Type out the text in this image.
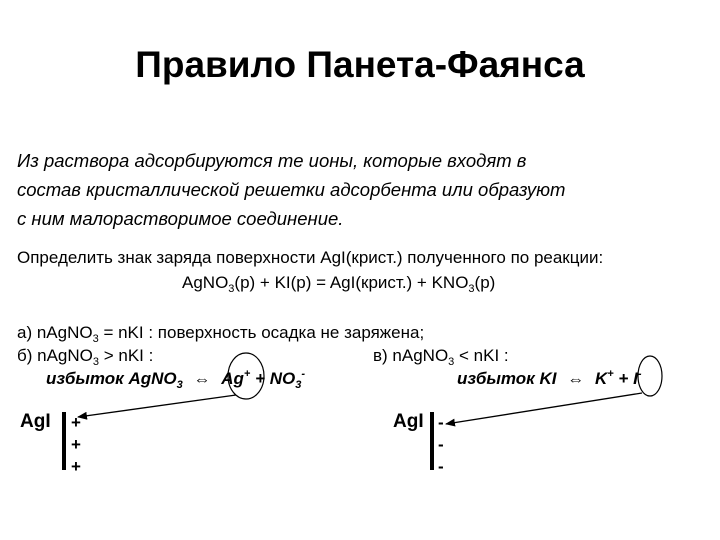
Правило Панета-Фаянса
Из раствора адсорбируются те ионы, которые входят в
состав кристаллической решетки адсорбента или образуют
с ним малорастворимое соединение.
Определить знак заряда поверхности AgI(крист.) полученного по реакции:
AgNO$_3$(р) + KI(р) = AgI(крист.) + $KNO_3(р)$
а) nAgNO$_3$ = nKI : поверхность осадка не заряжена;
б) nAgNO$_3$ > nKI :	в) nAgNO$_3$ < nKI :
избыток AgNO$_3$ ⇔ $Ag^+ + NO_3^-$	избыток KI ⇔ K+ + I-
AgI +
+
+
AgI -
-
-
